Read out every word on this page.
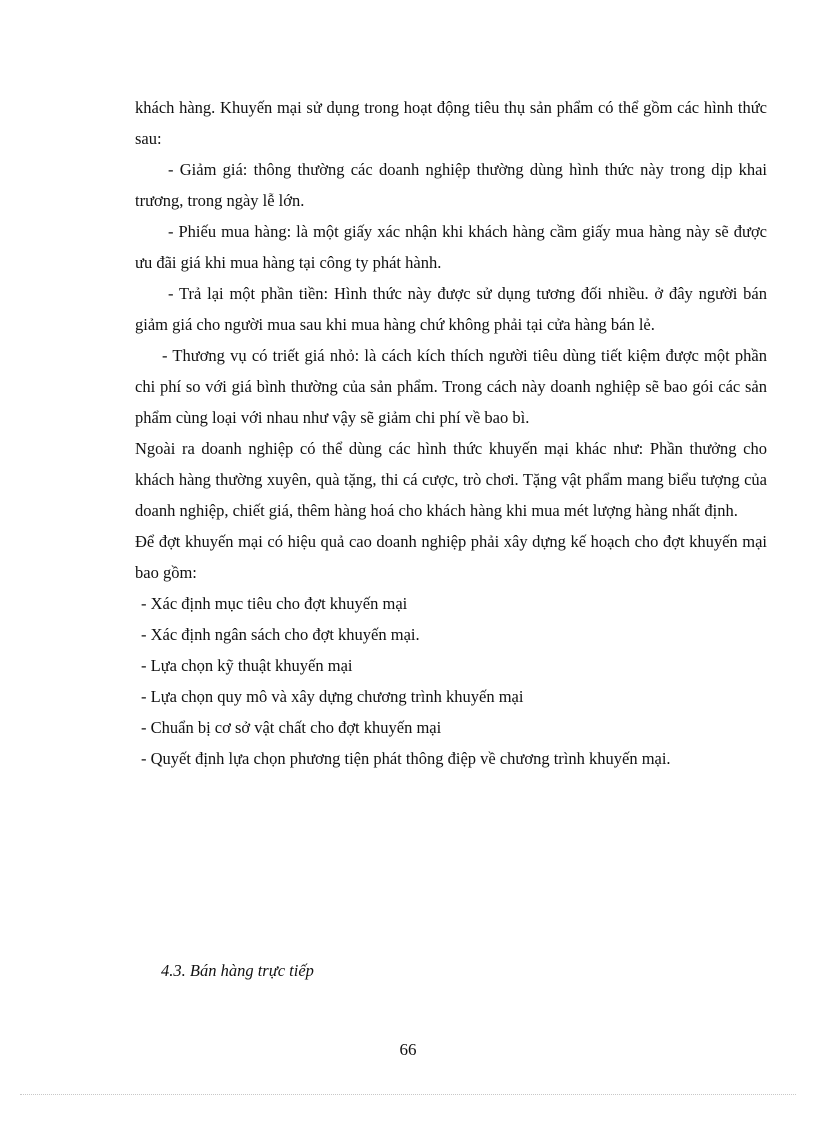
khách hàng. Khuyến mại sử dụng trong hoạt động tiêu thụ sản phẩm có thể gồm các hình thức sau:

- Giảm giá: thông thường các doanh nghiệp thường dùng hình thức này trong dịp khai trương, trong ngày lễ lớn.

- Phiếu mua hàng: là một giấy xác nhận khi khách hàng cầm giấy mua hàng này sẽ được ưu đãi giá khi mua hàng tại công ty phát hành.

- Trả lại một phần tiền: Hình thức này được sử dụng tương đối nhiều. ở đây người bán giảm giá cho người mua sau khi mua hàng chứ không phải tại cửa hàng bán lẻ.

- Thương vụ có triết giá nhỏ: là cách kích thích người tiêu dùng tiết kiệm được một phần chi phí so với giá bình thường của sản phẩm. Trong cách này doanh nghiệp sẽ bao gói các sản phẩm cùng loại với nhau như vậy sẽ giảm chi phí về bao bì.

Ngoài ra doanh nghiệp có thể dùng các hình thức khuyến mại khác như: Phần thưởng cho khách hàng thường xuyên, quà tặng, thi cá cược, trò chơi. Tặng vật phẩm mang biểu tượng của doanh nghiệp, chiết giá, thêm hàng hoá cho khách hàng khi mua mét lượng hàng nhất định.

Để đợt khuyến mại có hiệu quả cao doanh nghiệp phải xây dựng kế hoạch cho đợt khuyến mại bao gồm:

- Xác định mục tiêu cho đợt khuyến mại

- Xác định ngân sách cho đợt khuyến mại.

- Lựa chọn kỹ thuật khuyến mại

- Lựa chọn quy mô và xây dựng chương trình khuyến mại

- Chuẩn bị cơ sở vật chất cho đợt khuyến mại

- Quyết định lựa chọn phương tiện phát thông điệp về chương trình khuyến mại.

4.3. Bán hàng trực tiếp
66
